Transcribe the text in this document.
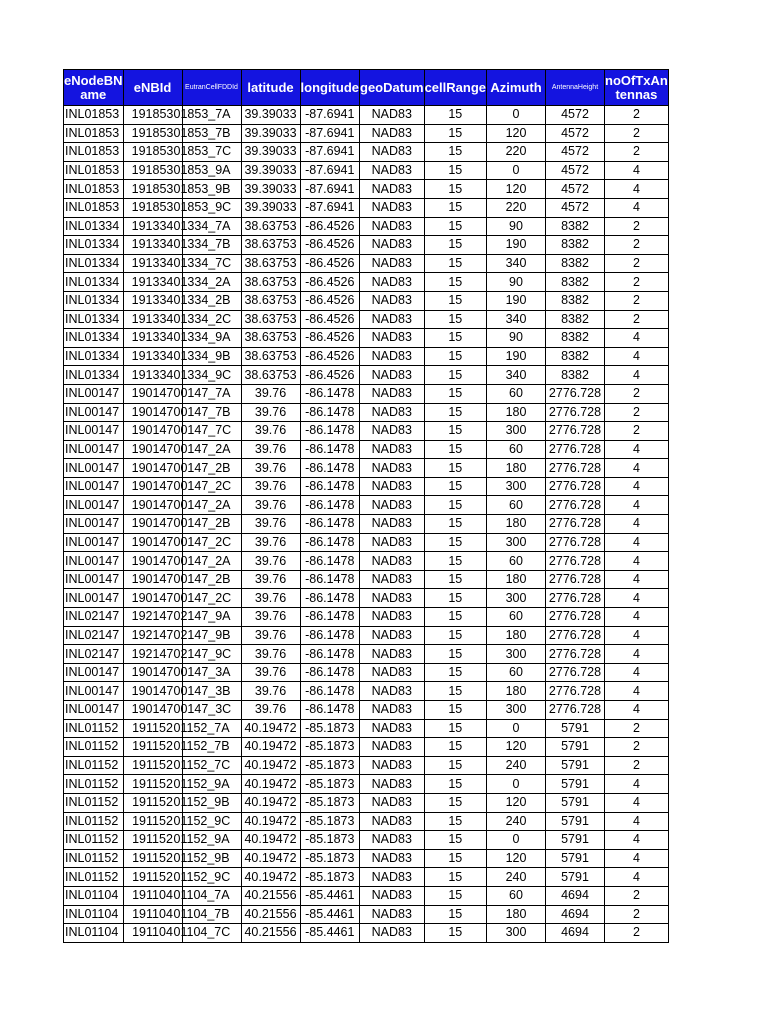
eNodeBN ame	eNBId	EutranCellFDDId	latitude	longitude	geoDatum	cellRange	Azimuth	AntennaHeight	noOfTxAn tennas
INL01853	191853	01853_7A	39.39033	-87.6941	NAD83	15	0	4572	2
INL01853	191853	01853_7B	39.39033	-87.6941	NAD83	15	120	4572	2
INL01853	191853	01853_7C	39.39033	-87.6941	NAD83	15	220	4572	2
INL01853	191853	01853_9A	39.39033	-87.6941	NAD83	15	0	4572	4
INL01853	191853	01853_9B	39.39033	-87.6941	NAD83	15	120	4572	4
INL01853	191853	01853_9C	39.39033	-87.6941	NAD83	15	220	4572	4
INL01334	191334	01334_7A	38.63753	-86.4526	NAD83	15	90	8382	2
INL01334	191334	01334_7B	38.63753	-86.4526	NAD83	15	190	8382	2
INL01334	191334	01334_7C	38.63753	-86.4526	NAD83	15	340	8382	2
INL01334	191334	01334_2A	38.63753	-86.4526	NAD83	15	90	8382	2
INL01334	191334	01334_2B	38.63753	-86.4526	NAD83	15	190	8382	2
INL01334	191334	01334_2C	38.63753	-86.4526	NAD83	15	340	8382	2
INL01334	191334	01334_9A	38.63753	-86.4526	NAD83	15	90	8382	4
INL01334	191334	01334_9B	38.63753	-86.4526	NAD83	15	190	8382	4
INL01334	191334	01334_9C	38.63753	-86.4526	NAD83	15	340	8382	4
INL00147	190147	00147_7A	39.76	-86.1478	NAD83	15	60	2776.728	2
INL00147	190147	00147_7B	39.76	-86.1478	NAD83	15	180	2776.728	2
INL00147	190147	00147_7C	39.76	-86.1478	NAD83	15	300	2776.728	2
INL00147	190147	00147_2A	39.76	-86.1478	NAD83	15	60	2776.728	4
INL00147	190147	00147_2B	39.76	-86.1478	NAD83	15	180	2776.728	4
INL00147	190147	00147_2C	39.76	-86.1478	NAD83	15	300	2776.728	4
INL00147	190147	00147_2A	39.76	-86.1478	NAD83	15	60	2776.728	4
INL00147	190147	00147_2B	39.76	-86.1478	NAD83	15	180	2776.728	4
INL00147	190147	00147_2C	39.76	-86.1478	NAD83	15	300	2776.728	4
INL00147	190147	00147_2A	39.76	-86.1478	NAD83	15	60	2776.728	4
INL00147	190147	00147_2B	39.76	-86.1478	NAD83	15	180	2776.728	4
INL00147	190147	00147_2C	39.76	-86.1478	NAD83	15	300	2776.728	4
INL02147	192147	02147_9A	39.76	-86.1478	NAD83	15	60	2776.728	4
INL02147	192147	02147_9B	39.76	-86.1478	NAD83	15	180	2776.728	4
INL02147	192147	02147_9C	39.76	-86.1478	NAD83	15	300	2776.728	4
INL00147	190147	00147_3A	39.76	-86.1478	NAD83	15	60	2776.728	4
INL00147	190147	00147_3B	39.76	-86.1478	NAD83	15	180	2776.728	4
INL00147	190147	00147_3C	39.76	-86.1478	NAD83	15	300	2776.728	4
INL01152	191152	01152_7A	40.19472	-85.1873	NAD83	15	0	5791	2
INL01152	191152	01152_7B	40.19472	-85.1873	NAD83	15	120	5791	2
INL01152	191152	01152_7C	40.19472	-85.1873	NAD83	15	240	5791	2
INL01152	191152	01152_9A	40.19472	-85.1873	NAD83	15	0	5791	4
INL01152	191152	01152_9B	40.19472	-85.1873	NAD83	15	120	5791	4
INL01152	191152	01152_9C	40.19472	-85.1873	NAD83	15	240	5791	4
INL01152	191152	01152_9A	40.19472	-85.1873	NAD83	15	0	5791	4
INL01152	191152	01152_9B	40.19472	-85.1873	NAD83	15	120	5791	4
INL01152	191152	01152_9C	40.19472	-85.1873	NAD83	15	240	5791	4
INL01104	191104	01104_7A	40.21556	-85.4461	NAD83	15	60	4694	2
INL01104	191104	01104_7B	40.21556	-85.4461	NAD83	15	180	4694	2
INL01104	191104	01104_7C	40.21556	-85.4461	NAD83	15	300	4694	2
